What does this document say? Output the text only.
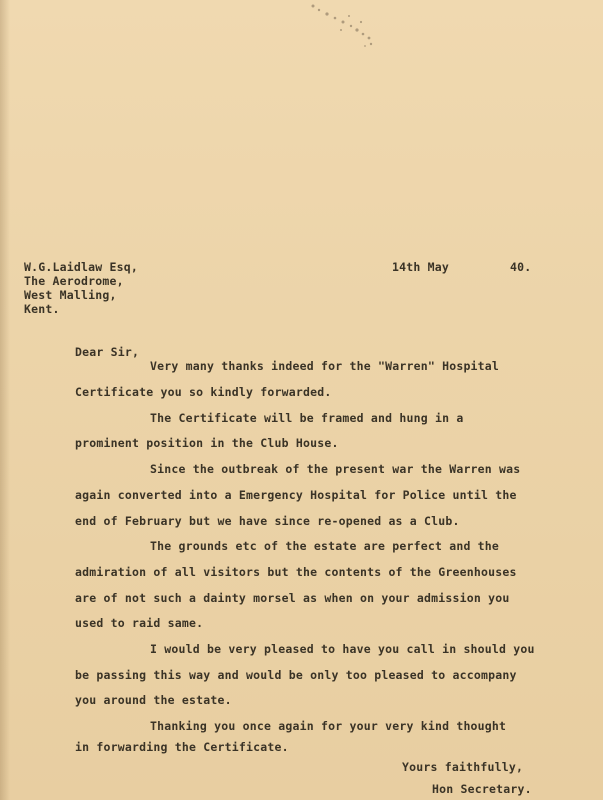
W.G.Laidlaw Esq,
The Aerodrome,
West Malling,
Kent.
14th May	40.
Dear Sir,
Very many thanks indeed for the "Warren" Hospital
Certificate you so kindly forwarded.
The Certificate will be framed and hung in a
prominent position in the Club House.
Since the outbreak of the present war the Warren was
again converted into a Emergency Hospital for Police until the
end of February but we have since re-opened as a Club.
The grounds etc of the estate are perfect and the
admiration of all visitors but the contents of the Greenhouses
are of not such a dainty morsel as when on your admission you
used to raid same.
I would be very pleased to have you call in should you
be passing this way and would be only too pleased to accompany
you around the estate.
Thanking you once again for your very kind thought
in forwarding the Certificate.
Yours faithfully,
Hon Secretary.
